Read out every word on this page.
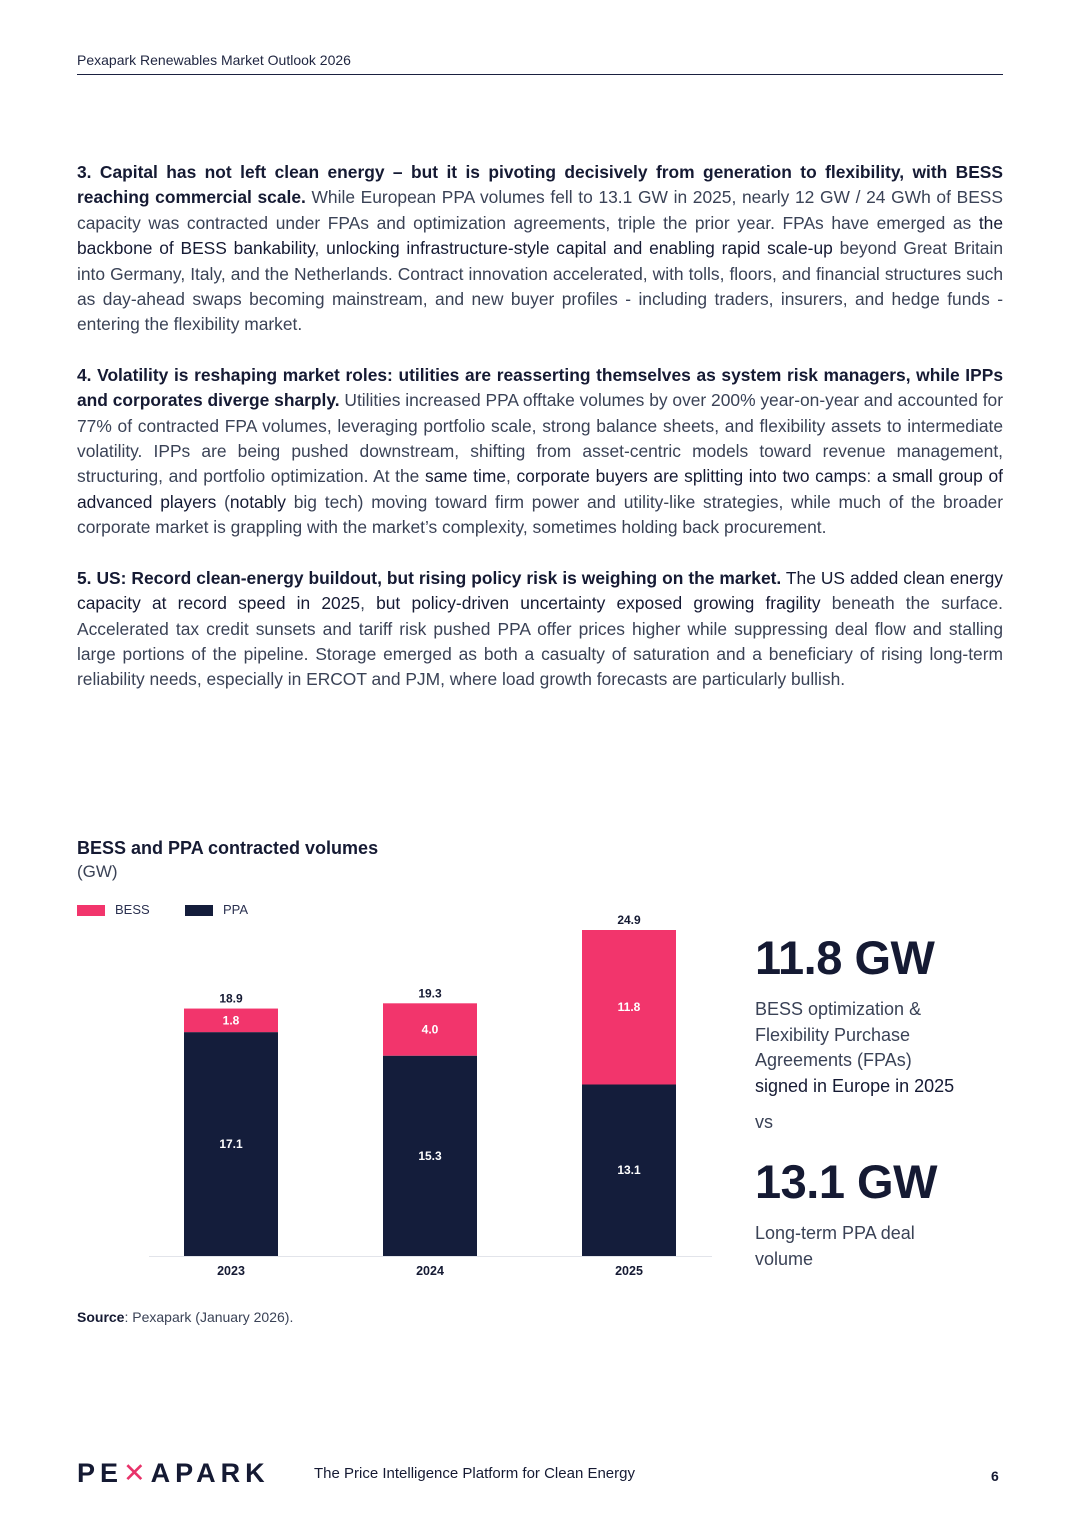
Pexapark Renewables Market Outlook 2026

3. Capital has not left clean energy – but it is pivoting decisively from generation to flexibility, with BESS reaching commercial scale. While European PPA volumes fell to 13.1 GW in 2025, nearly 12 GW / 24 GWh of BESS capacity was contracted under FPAs and optimization agreements, triple the prior year. FPAs have emerged as the backbone of BESS bankability, unlocking infrastructure-style capital and enabling rapid scale-up beyond Great Britain into Germany, Italy, and the Netherlands. Contract innovation accelerated, with tolls, floors, and financial structures such as day-ahead swaps becoming mainstream, and new buyer profiles - including traders, insurers, and hedge funds - entering the flexibility market.

4. Volatility is reshaping market roles: utilities are reasserting themselves as system risk managers, while IPPs and corporates diverge sharply. Utilities increased PPA offtake volumes by over 200% year-on-year and accounted for 77% of contracted FPA volumes, leveraging portfolio scale, strong balance sheets, and flexibility assets to intermediate volatility. IPPs are being pushed downstream, shifting from asset-centric models toward revenue management, structuring, and portfolio optimization. At the same time, corporate buyers are splitting into two camps: a small group of advanced players (notably big tech) moving toward firm power and utility-like strategies, while much of the broader corporate market is grappling with the market’s complexity, sometimes holding back procurement.

5. US: Record clean-energy buildout, but rising policy risk is weighing on the market. The US added clean energy capacity at record speed in 2025, but policy-driven uncertainty exposed growing fragility beneath the surface. Accelerated tax credit sunsets and tariff risk pushed PPA offer prices higher while suppressing deal flow and stalling large portions of the pipeline. Storage emerged as both a casualty of saturation and a beneficiary of rising long-term reliability needs, especially in ERCOT and PJM, where load growth forecasts are particularly bullish.

BESS and PPA contracted volumes
(GW)
BESS	PPA
17.1
1.8
18.9
2023
15.3
4.0
19.3
2024
13.1
11.8
24.9
2025
11.8 GW
BESS optimization &
Flexibility Purchase
Agreements (FPAs)
signed in Europe in 2025
vs
13.1 GW
Long-term PPA deal
volume
Source: Pexapark (January 2026).
PE✕APARK	The Price Intelligence Platform for Clean Energy	6
